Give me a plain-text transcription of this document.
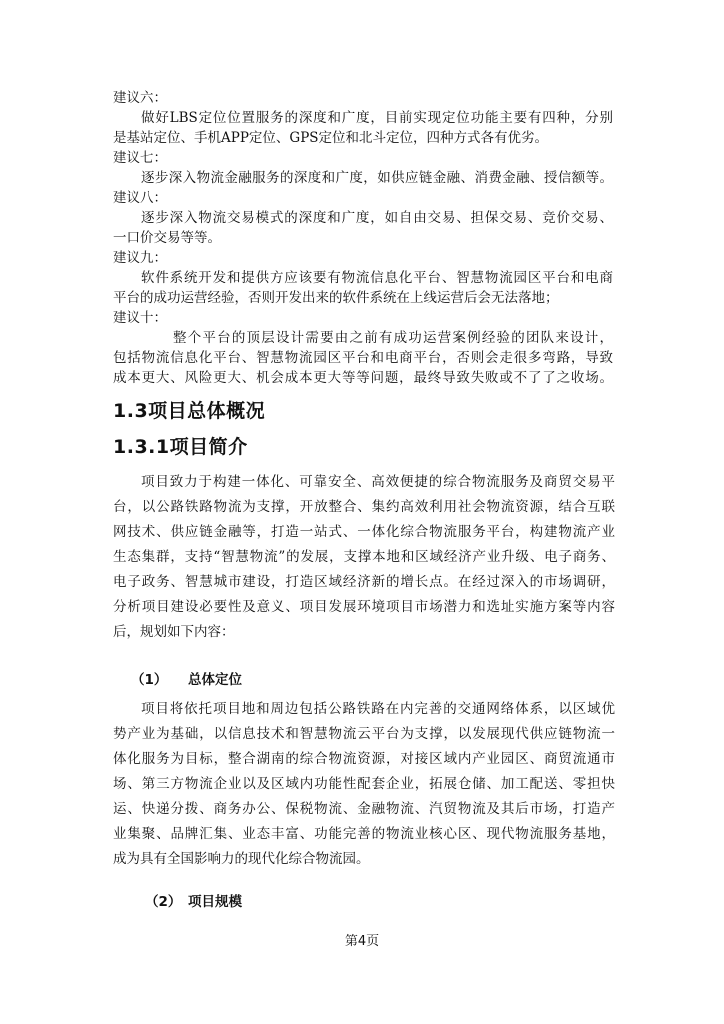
建议六：
做好LBS定位位置服务的深度和广度，目前实现定位功能主要有四种，分别
是基站定位、手机APP定位、GPS定位和北斗定位，四种方式各有优劣。
建议七：
逐步深入物流金融服务的深度和广度，如供应链金融、消费金融、授信额等。
建议八：
逐步深入物流交易模式的深度和广度，如自由交易、担保交易、竞价交易、
一口价交易等等。
建议九：
软件系统开发和提供方应该要有物流信息化平台、智慧物流园区平台和电商
平台的成功运营经验，否则开发出来的软件系统在上线运营后会无法落地；
建议十：
整个平台的顶层设计需要由之前有成功运营案例经验的团队来设计，
包括物流信息化平台、智慧物流园区平台和电商平台，否则会走很多弯路，导致
成本更大、风险更大、机会成本更大等等问题，最终导致失败或不了了之收场。
1.3项目总体概况
1.3.1项目简介
项目致力于构建一体化、可靠安全、高效便捷的综合物流服务及商贸交易平
台，以公路铁路物流为支撑，开放整合、集约高效利用社会物流资源，结合互联
网技术、供应链金融等，打造一站式、一体化综合物流服务平台，构建物流产业
生态集群，支持“智慧物流”的发展，支撑本地和区域经济产业升级、电子商务、
电子政务、智慧城市建设，打造区域经济新的增长点。在经过深入的市场调研，
分析项目建设必要性及意义、项目发展环境项目市场潜力和选址实施方案等内容
后，规划如下内容：
（1） 总体定位
项目将依托项目地和周边包括公路铁路在内完善的交通网络体系，以区域优
势产业为基础，以信息技术和智慧物流云平台为支撑，以发展现代供应链物流一
体化服务为目标，整合湖南的综合物流资源，对接区域内产业园区、商贸流通市
场、第三方物流企业以及区域内功能性配套企业，拓展仓储、加工配送、零担快
运、快递分拨、商务办公、保税物流、金融物流、汽贸物流及其后市场，打造产
业集聚、品牌汇集、业态丰富、功能完善的物流业核心区、现代物流服务基地，
成为具有全国影响力的现代化综合物流园。
（2） 项目规模
第4页
